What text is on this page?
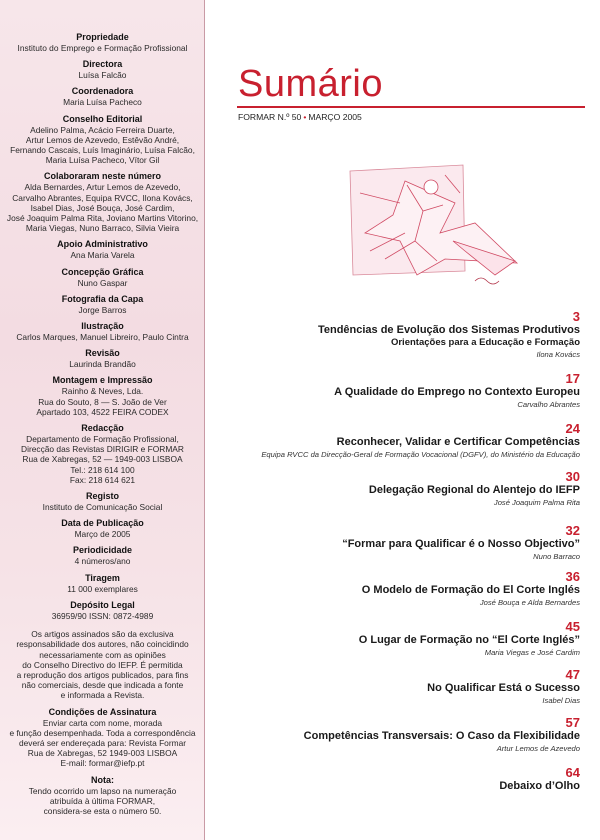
Propriedade
Instituto do Emprego e Formação Profissional
Directora
Luísa Falcão
Coordenadora
Maria Luísa Pacheco
Conselho Editorial
Adelino Palma, Acácio Ferreira Duarte,
Artur Lemos de Azevedo, Estêvão André,
Fernando Cascais, Luís Imaginário, Luísa Falcão,
Maria Luísa Pacheco, Vítor Gil
Colaboraram neste número
Alda Bernardes, Artur Lemos de Azevedo,
Carvalho Abrantes, Equipa RVCC, Ilona Kovács,
Isabel Dias, José Bouça, José Cardim,
José Joaquim Palma Rita, Joviano Martins Vitorino,
Maria Viegas, Nuno Barraco, Silvia Vieira
Apoio Administrativo
Ana Maria Varela
Concepção Gráfica
Nuno Gaspar
Fotografia da Capa
Jorge Barros
Ilustração
Carlos Marques, Manuel Libreiro, Paulo Cintra
Revisão
Laurinda Brandão
Montagem e Impressão
Rainho & Neves, Lda.
Rua do Souto, 8 — S. João de Ver
Apartado 103, 4522 FEIRA CODEX
Redacção
Departamento de Formação Profissional,
Direcção das Revistas DIRIGIR e FORMAR
Rua de Xabregas, 52 — 1949-003 LISBOA
Tel.: 218 614 100
Fax: 218 614 621
Registo
Instituto de Comunicação Social
Data de Publicação
Março de 2005
Periodicidade
4 números/ano
Tiragem
11 000 exemplares
Depósito Legal
36959/90 ISSN: 0872-4989
Os artigos assinados são da exclusiva
responsabilidade dos autores, não coincidindo
necessariamente com as opiniões
do Conselho Directivo do IEFP. É permitida
a reprodução dos artigos publicados, para fins
não comerciais, desde que indicada a fonte
e informada a Revista.
Condições de Assinatura
Enviar carta com nome, morada
e função desempenhada. Toda a correspondência
deverá ser endereçada para: Revista Formar
Rua de Xabregas, 52 1949-003 LISBOA
E-mail: formar@iefp.pt
Nota:
Tendo ocorrido um lapso na numeração
atribuída à última FORMAR,
considera-se esta o número 50.
Sumário
FORMAR N.º 50 • MARÇO 2005
3
Tendências de Evolução dos Sistemas Produtivos
Orientações para a Educação e Formação
Ilona Kovács
17
A Qualidade do Emprego no Contexto Europeu
Carvalho Abrantes
24
Reconhecer, Validar e Certificar Competências
Equipa RVCC da Direcção-Geral de Formação Vocacional (DGFV), do Ministério da Educação
30
Delegação Regional do Alentejo do IEFP
José Joaquim Palma Rita
32
“Formar para Qualificar é o Nosso Objectivo”
Nuno Barraco
36
O Modelo de Formação do El Corte Inglés
José Bouça e Alda Bernardes
45
O Lugar de Formação no “El Corte Inglés”
Maria Viegas e José Cardim
47
No Qualificar Está o Sucesso
Isabel Dias
57
Competências Transversais: O Caso da Flexibilidade
Artur Lemos de Azevedo
64
Debaixo d’Olho
